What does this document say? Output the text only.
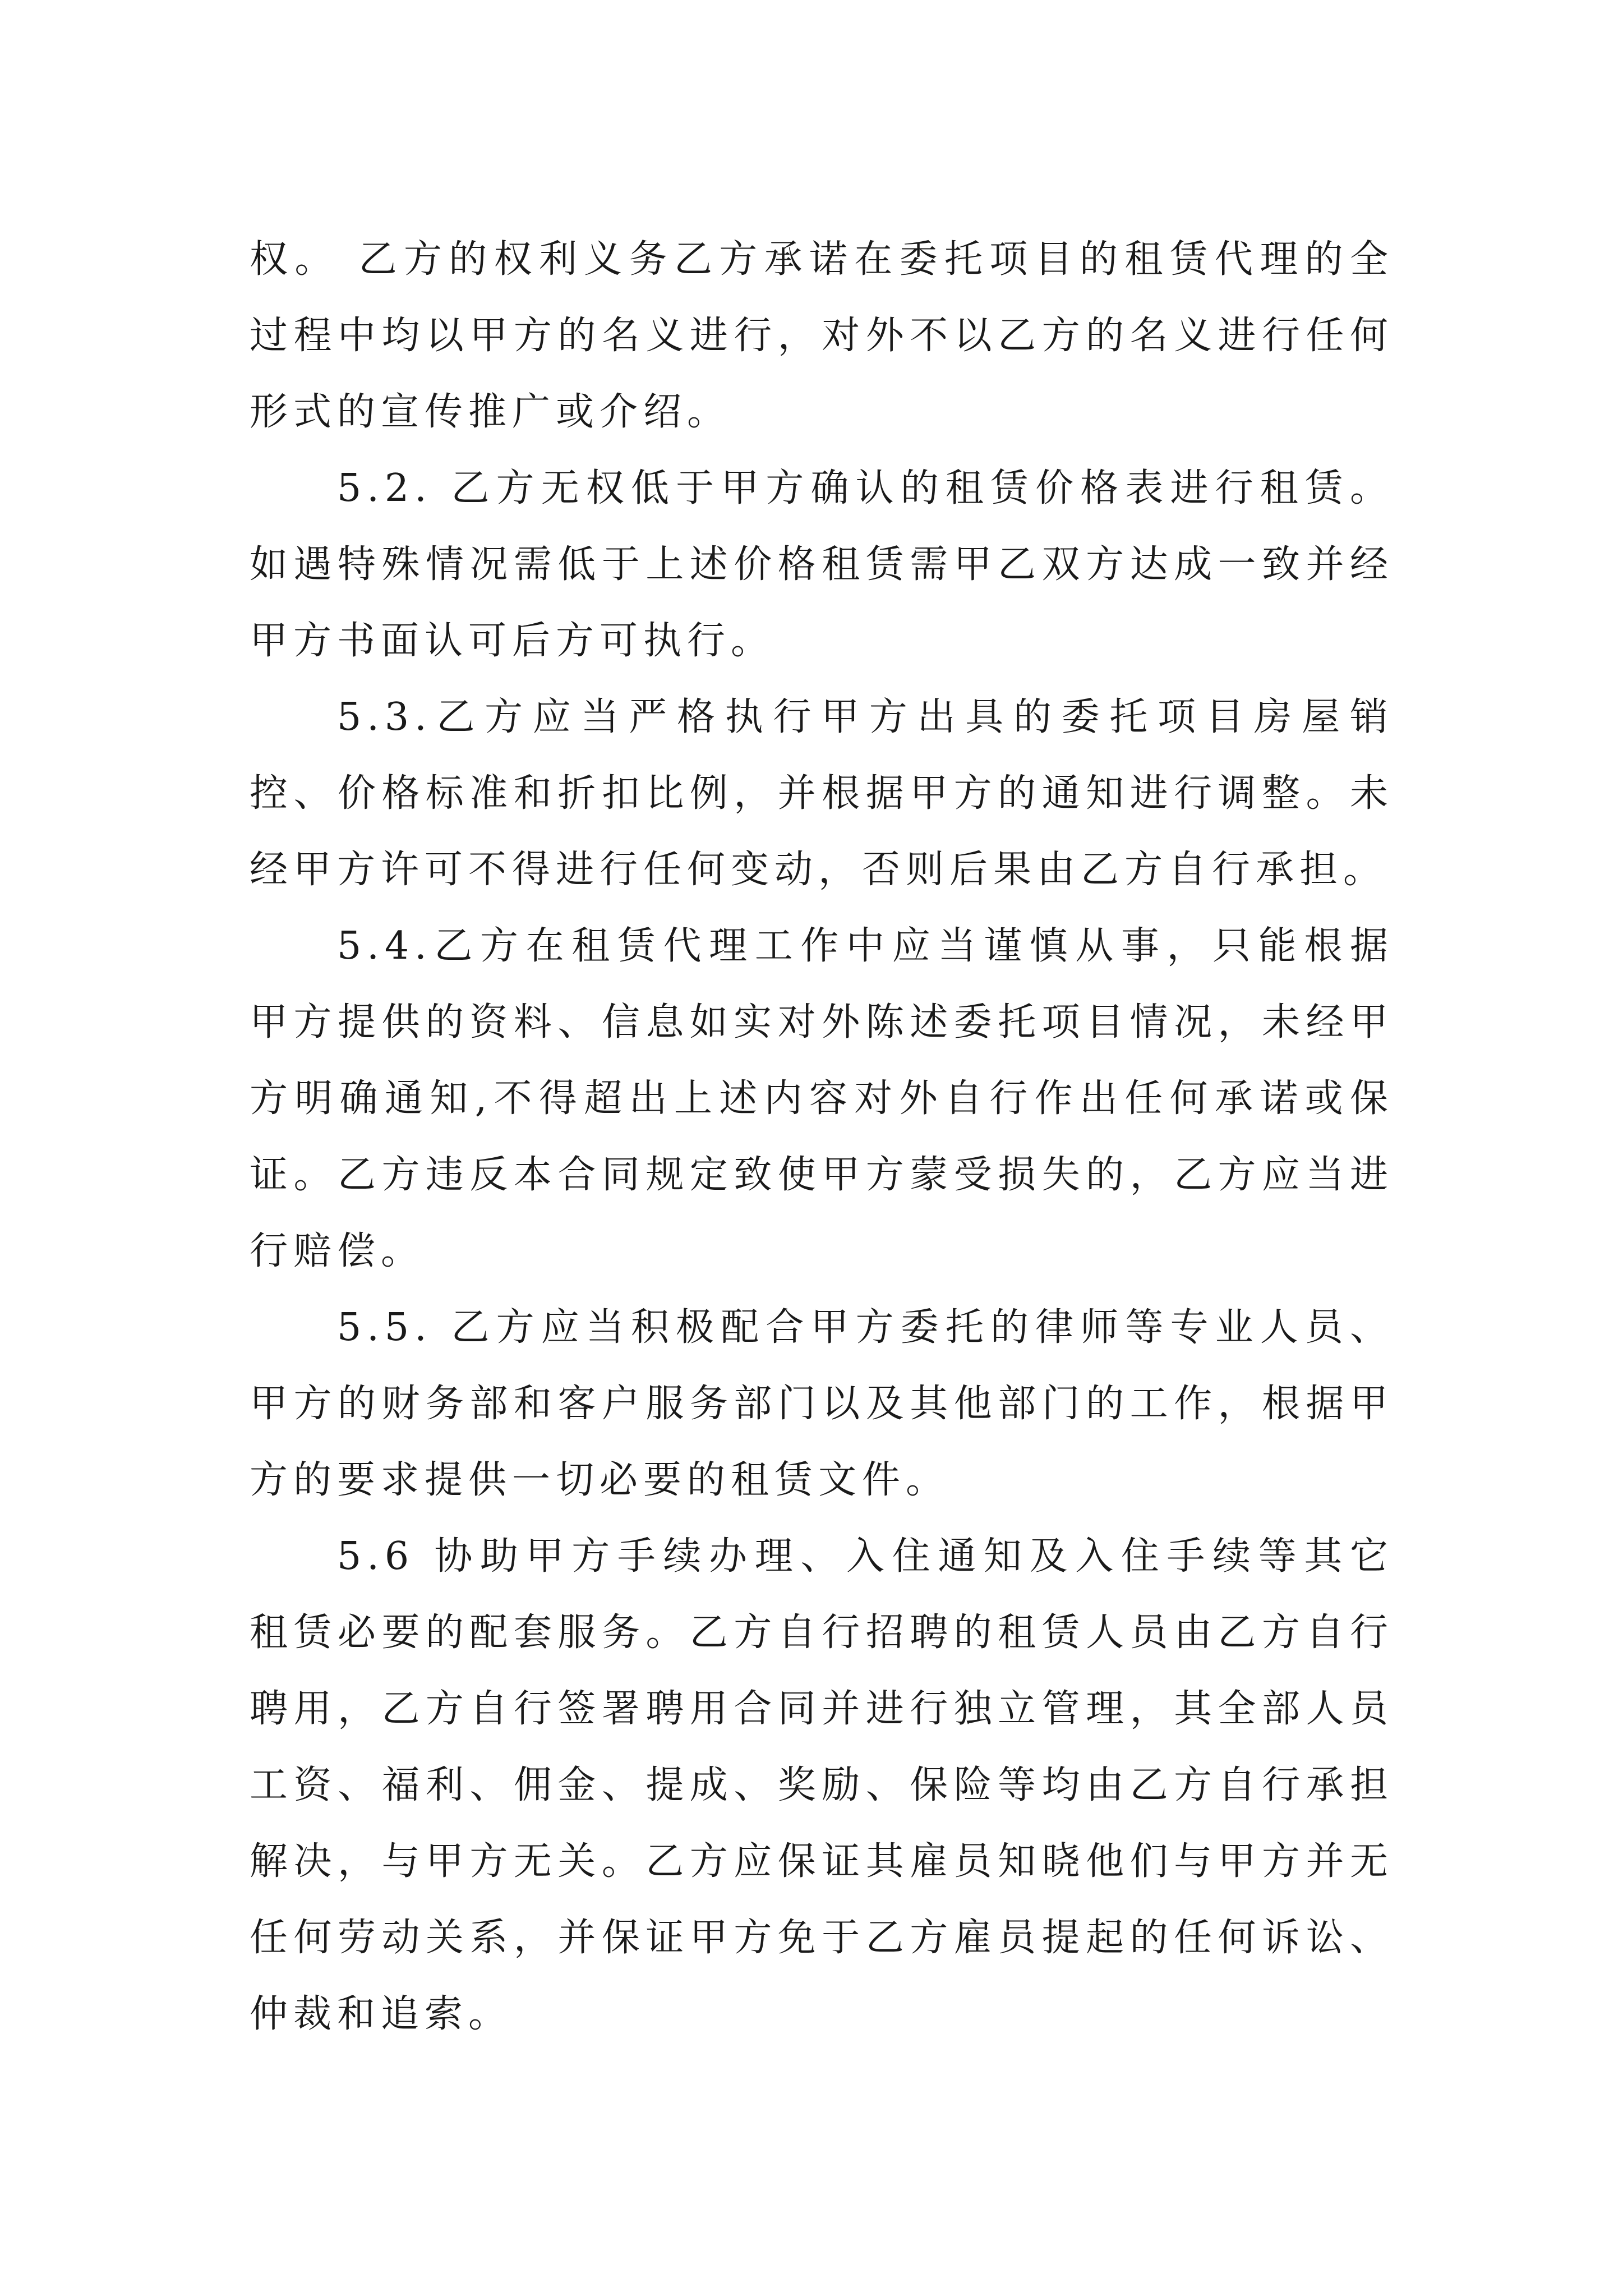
权。 乙方的权利义务乙方承诺在委托项目的租赁代理的全过程中均以甲方的名义进行，对外不以乙方的名义进行任何形式的宣传推广或介绍。

5.2. 乙方无权低于甲方确认的租赁价格表进行租赁。如遇特殊情况需低于上述价格租赁需甲乙双方达成一致并经甲方书面认可后方可执行。

5.3.乙方应当严格执行甲方出具的委托项目房屋销控、价格标准和折扣比例，并根据甲方的通知进行调整。未经甲方许可不得进行任何变动，否则后果由乙方自行承担。

5.4.乙方在租赁代理工作中应当谨慎从事，只能根据甲方提供的资料、信息如实对外陈述委托项目情况，未经甲方明确通知,不得超出上述内容对外自行作出任何承诺或保证。乙方违反本合同规定致使甲方蒙受损失的，乙方应当进行赔偿。

5.5. 乙方应当积极配合甲方委托的律师等专业人员、甲方的财务部和客户服务部门以及其他部门的工作，根据甲方的要求提供一切必要的租赁文件。

5.6 协助甲方手续办理、入住通知及入住手续等其它租赁必要的配套服务。乙方自行招聘的租赁人员由乙方自行聘用，乙方自行签署聘用合同并进行独立管理，其全部人员工资、福利、佣金、提成、奖励、保险等均由乙方自行承担解决，与甲方无关。乙方应保证其雇员知晓他们与甲方并无任何劳动关系，并保证甲方免于乙方雇员提起的任何诉讼、仲裁和追索。
